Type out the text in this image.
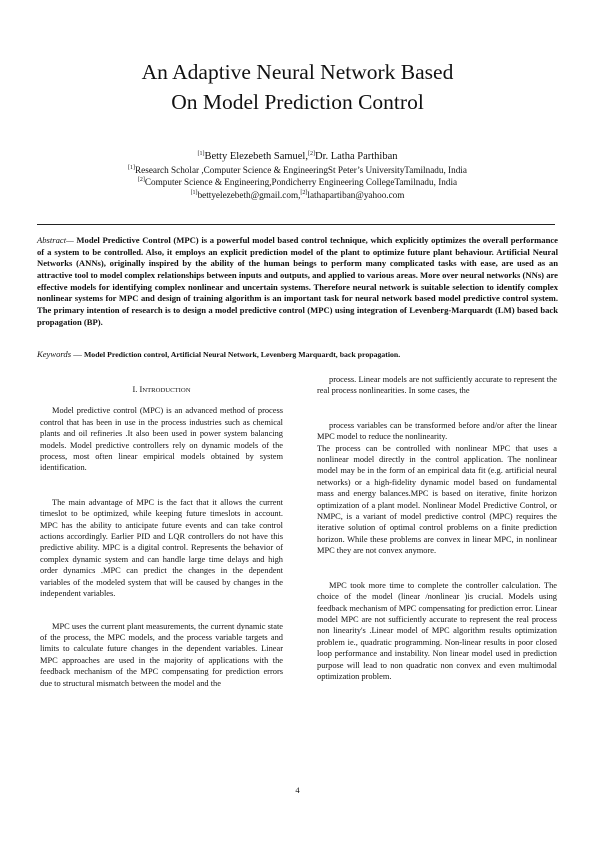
An Adaptive Neural Network Based
On Model Prediction Control
[1]Betty Elezebeth Samuel,[2]Dr. Latha Parthiban
[1]Research Scholar ,Computer Science & EngineeringSt Peter’s UniversityTamilnadu, India
[2]Computer Science & Engineering,Pondicherry Engineering CollegeTamilnadu, India
[1]bettyelezebeth@gmail.com,[2]lathapartiban@yahoo.com
Abstract— Model Predictive Control (MPC) is a powerful model based control technique, which explicitly optimizes the overall performance of a system to be controlled. Also, it employs an explicit prediction model of the plant to optimize future plant behaviour. Artificial Neural Networks (ANNs), originally inspired by the ability of the human beings to perform many complicated tasks with ease, are used as an attractive tool to model complex relationships between inputs and outputs, and applied to various areas. More over neural networks (NNs) are effective models for identifying complex nonlinear and uncertain systems. Therefore neural network is suitable selection to identify complex nonlinear systems for MPC and design of training algorithm is an important task for neural network based model predictive control system. The primary intention of research is to design a model predictive control (MPC) using integration of Levenberg-Marquardt (LM) based back propagation (BP).
Keywords — Model Prediction control, Artificial Neural Network, Levenberg Marquardt, back propagation.
I. INTRODUCTION

Model predictive control (MPC) is an advanced method of process control that has been in use in the process industries such as chemical plants and oil refineries .It also been used in power system balancing models. Model predictive controllers rely on dynamic models of the process, most often linear empirical models obtained by system identification.

The main advantage of MPC is the fact that it allows the current timeslot to be optimized, while keeping future timeslots in account. MPC has the ability to anticipate future events and can take control actions accordingly. Earlier PID and LQR controllers do not have this predictive ability. MPC is a digital control. Represents the behavior of complex dynamic system and can handle large time delays and high order dynamics .MPC can predict the changes in the dependent variables of the modeled system that will be caused by changes in the independent variables.

MPC uses the current plant measurements, the current dynamic state of the process, the MPC models, and the process variable targets and limits to calculate future changes in the dependent variables. Linear MPC approaches are used in the majority of applications with the feedback mechanism of the MPC compensating for prediction errors due to structural mismatch between the model and the

process. Linear models are not sufficiently accurate to represent the real process nonlinearities. In some cases, the

process variables can be transformed before and/or after the linear MPC model to reduce the nonlinearity.

The process can be controlled with nonlinear MPC that uses a nonlinear model directly in the control application. The nonlinear model may be in the form of an empirical data fit (e.g. artificial neural networks) or a high-fidelity dynamic model based on fundamental mass and energy balances.MPC is based on iterative, finite horizon optimization of a plant model. Nonlinear Model Predictive Control, or NMPC, is a variant of model predictive control (MPC) requires the iterative solution of optimal control problems on a finite prediction horizon. While these problems are convex in linear MPC, in nonlinear MPC they are not convex anymore.

MPC took more time to complete the controller calculation. The choice of the model (linear /nonlinear )is crucial. Models using feedback mechanism of MPC compensating for prediction error. Linear model MPC are not sufficiently accurate to represent the real process non linearity's .Linear model of MPC algorithm results optimization problem ie., quadratic programming. Non-linear results in poor closed loop performance and instability. Non linear model used in prediction purpose will lead to non quadratic non convex and even multimodal optimization problem.

4
